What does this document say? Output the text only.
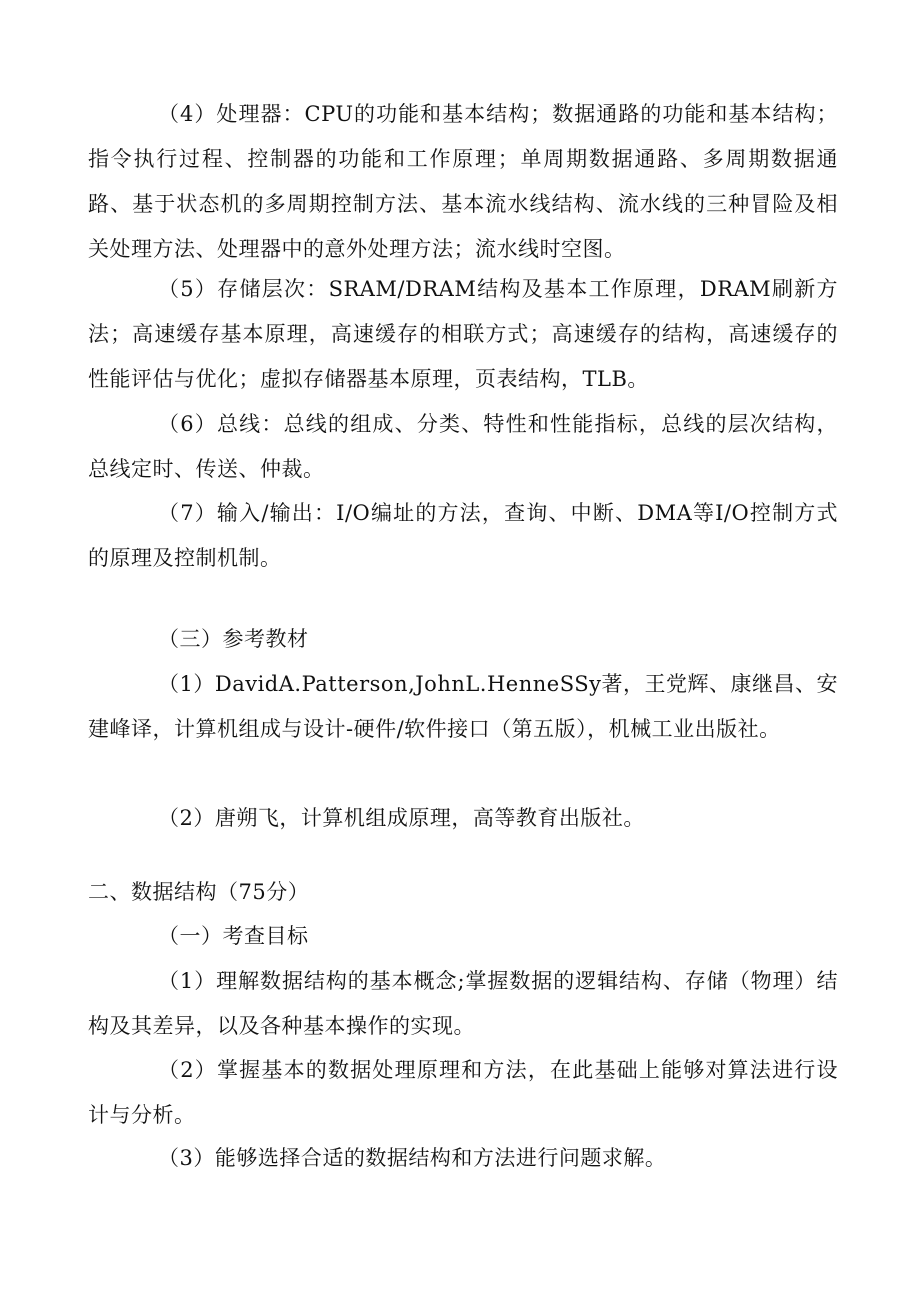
（4）处理器：CPU的功能和基本结构；数据通路的功能和基本结构；指令执行过程、控制器的功能和工作原理；单周期数据通路、多周期数据通路、基于状态机的多周期控制方法、基本流水线结构、流水线的三种冒险及相关处理方法、处理器中的意外处理方法；流水线时空图。

（5）存储层次：SRAM/DRAM结构及基本工作原理，DRAM刷新方法；高速缓存基本原理，高速缓存的相联方式；高速缓存的结构，高速缓存的性能评估与优化；虚拟存储器基本原理，页表结构，TLB。

（6）总线：总线的组成、分类、特性和性能指标，总线的层次结构，总线定时、传送、仲裁。

（7）输入/输出：I/O编址的方法，查询、中断、DMA等I/O控制方式的原理及控制机制。

（三）参考教材

（1）DavidA.Patterson,JohnL.HenneSSy著，王党辉、康继昌、安建峰译，计算机组成与设计-硬件/软件接口（第五版），机械工业出版社。

（2）唐朔飞，计算机组成原理，高等教育出版社。

二、数据结构（75分）

（一）考查目标

（1）理解数据结构的基本概念;掌握数据的逻辑结构、存储（物理）结构及其差异，以及各种基本操作的实现。

（2）掌握基本的数据处理原理和方法，在此基础上能够对算法进行设计与分析。

（3）能够选择合适的数据结构和方法进行问题求解。
